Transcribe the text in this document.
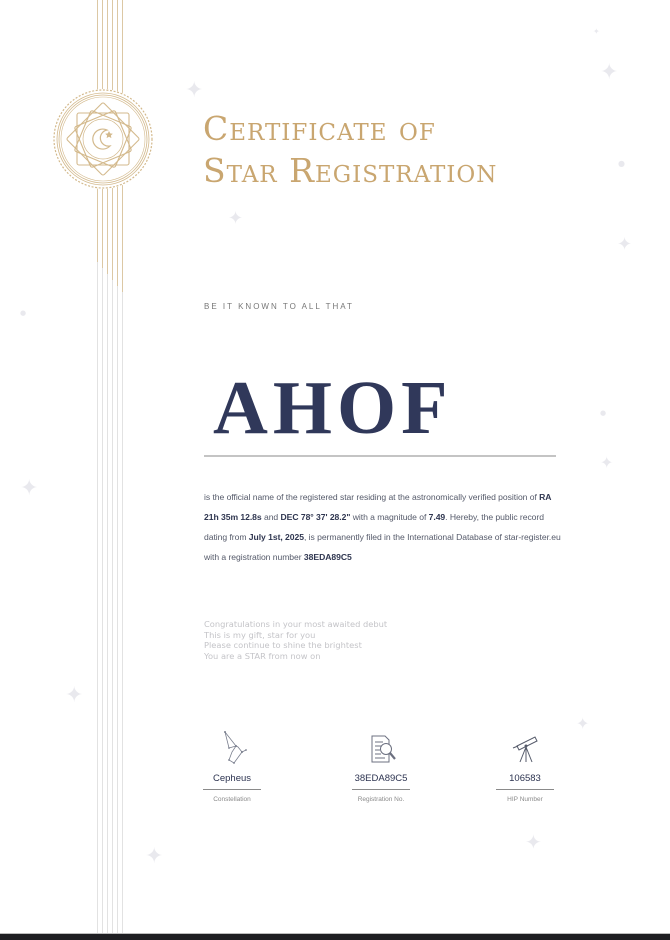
✦
✦
✦
✦
✦
✦
✦
✦
✦
✦
✦
●
●
●
Certificate of
Star Registration
BE IT KNOWN TO ALL THAT
AHOF
is the official name of the registered star residing at the astronomically verified position of RA 21h 35m 12.8s and DEC 78° 37' 28.2" with a magnitude of 7.49. Hereby, the public record dating from July 1st, 2025, is permanently filed in the International Database of star-register.eu with a registration number 38EDA89C5
Congratulations in your most awaited debut
This is my gift, star for you
Please continue to shine the brightest
You are a STAR from now on
Cepheus
Constellation
38EDA89C5
Registration No.
106583
HIP Number
